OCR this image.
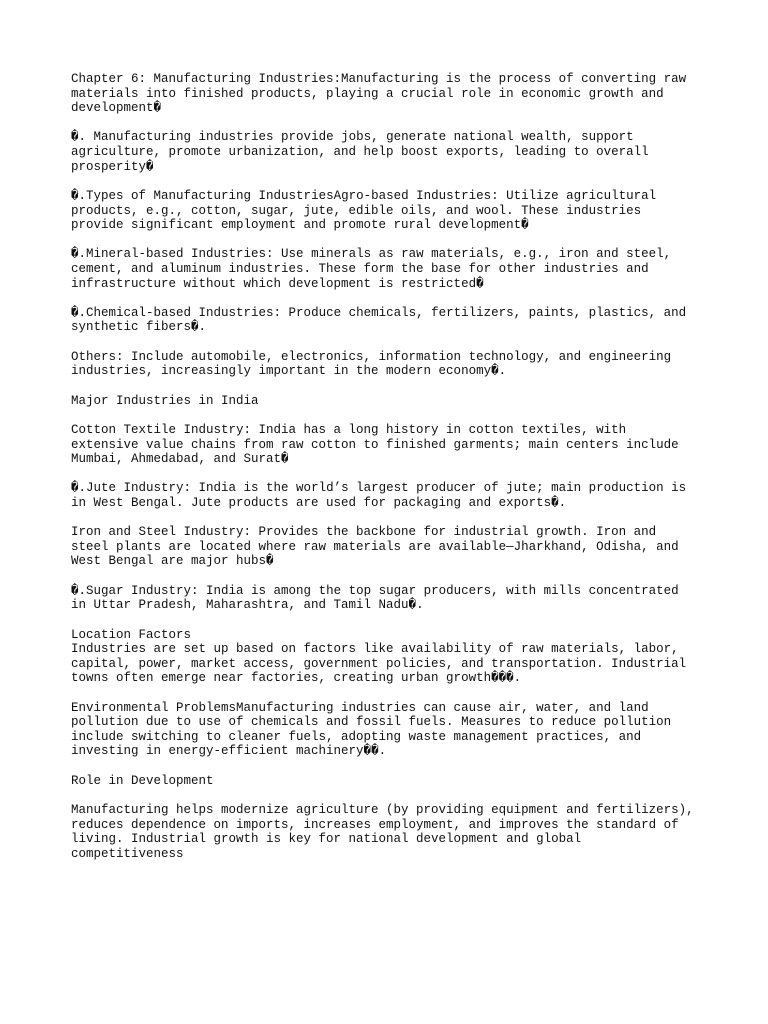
Chapter 6: Manufacturing Industries:Manufacturing is the process of converting raw
materials into finished products, playing a crucial role in economic growth and
development�

�. Manufacturing industries provide jobs, generate national wealth, support
agriculture, promote urbanization, and help boost exports, leading to overall
prosperity�

�.Types of Manufacturing IndustriesAgro-based Industries: Utilize agricultural
products, e.g., cotton, sugar, jute, edible oils, and wool. These industries
provide significant employment and promote rural development�

�.Mineral-based Industries: Use minerals as raw materials, e.g., iron and steel,
cement, and aluminum industries. These form the base for other industries and
infrastructure without which development is restricted�

�.Chemical-based Industries: Produce chemicals, fertilizers, paints, plastics, and
synthetic fibers�.

Others: Include automobile, electronics, information technology, and engineering
industries, increasingly important in the modern economy�.

Major Industries in India

Cotton Textile Industry: India has a long history in cotton textiles, with
extensive value chains from raw cotton to finished garments; main centers include
Mumbai, Ahmedabad, and Surat�

�.Jute Industry: India is the world’s largest producer of jute; main production is
in West Bengal. Jute products are used for packaging and exports�.

Iron and Steel Industry: Provides the backbone for industrial growth. Iron and
steel plants are located where raw materials are available—Jharkhand, Odisha, and
West Bengal are major hubs�

�.Sugar Industry: India is among the top sugar producers, with mills concentrated
in Uttar Pradesh, Maharashtra, and Tamil Nadu�.

Location Factors

Industries are set up based on factors like availability of raw materials, labor,
capital, power, market access, government policies, and transportation. Industrial
towns often emerge near factories, creating urban growth���.

Environmental ProblemsManufacturing industries can cause air, water, and land
pollution due to use of chemicals and fossil fuels. Measures to reduce pollution
include switching to cleaner fuels, adopting waste management practices, and
investing in energy-efficient machinery��.

Role in Development

Manufacturing helps modernize agriculture (by providing equipment and fertilizers),
reduces dependence on imports, increases employment, and improves the standard of
living. Industrial growth is key for national development and global
competitiveness
